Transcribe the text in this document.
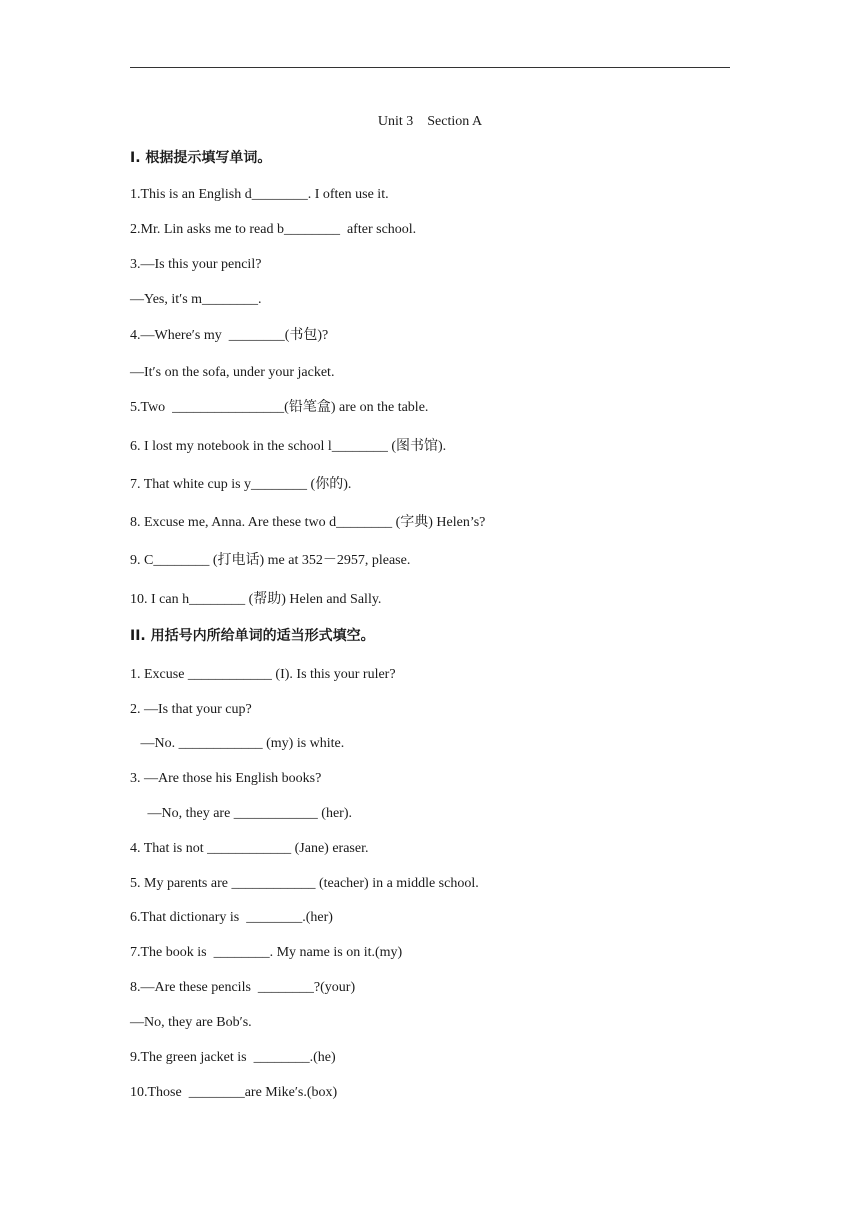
Unit 3    Section A
Ⅰ. 根据提示填写单词。
1.This is an English d________. I often use it.
2.Mr. Lin asks me to read b________  after school.
3.—Is this your pencil?
—Yes, it′s m________.
4.—Where′s my  ________(书包)?
—It′s on the sofa, under your jacket.
5.Two  ________________(铅笔盒) are on the table.
6. I lost my notebook in the school l________ (图书馆).
7. That white cup is y________ (你的).
8. Excuse me, Anna. Are these two d________ (字典) Helen’s?
9. C________ (打电话) me at 352－2957, please.
10. I can h________ (帮助) Helen and Sally.
II. 用括号内所给单词的适当形式填空。
1. Excuse ____________ (I). Is this your ruler?
2. —Is that your cup?
—No. ____________ (my) is white.
3. —Are those his English books?
—No, they are ____________ (her).
4. That is not ____________ (Jane) eraser.
5. My parents are ____________ (teacher) in a middle school.
6.That dictionary is  ________.(her)
7.The book is  ________. My name is on it.(my)
8.—Are these pencils  ________?(your)
—No, they are Bob′s.
9.The green jacket is  ________.(he)
10.Those  ________are Mike′s.(box)
